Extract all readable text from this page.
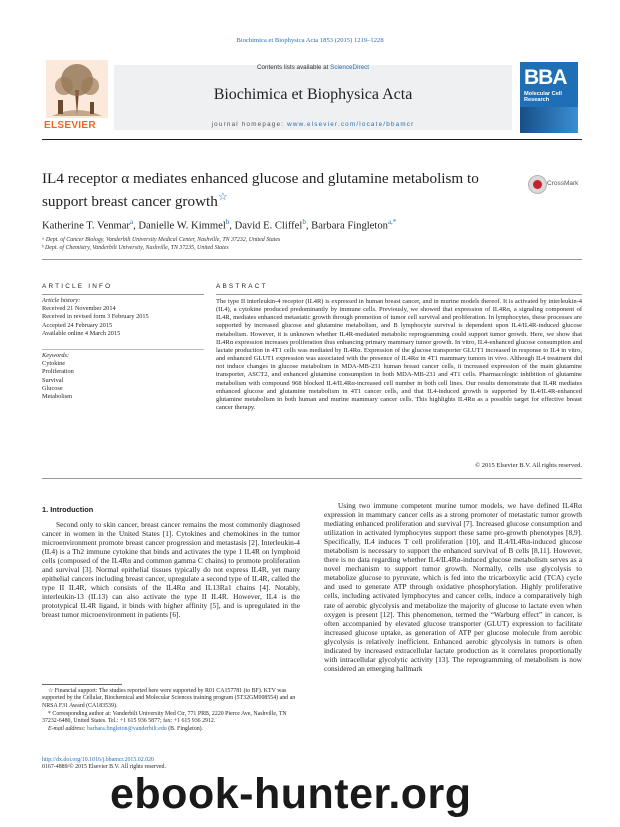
Biochimica et Biophysica Acta 1853 (2015) 1219–1228
ELSEVIER
Contents lists available at ScienceDirect
Biochimica et Biophysica Acta
journal homepage: www.elsevier.com/locate/bbamcr
BBA
Molecular Cell Research
IL4 receptor α mediates enhanced glucose and glutamine metabolism to support breast cancer growth☆
CrossMark
Katherine T. Venmar$^a$, Danielle W. Kimmel$^b$, David E. Cliffel$^b$, Barbara Fingleton$^{a,*}$
ᵃ Dept. of Cancer Biology, Vanderbilt University Medical Center, Nashville, TN 37232, United States
ᵇ Dept. of Chemistry, Vanderbilt University, Nashville, TN 37235, United States
ARTICLE INFO	ABSTRACT
Article history:
Received 21 November 2014
Received in revised form 3 February 2015
Accepted 24 February 2015
Available online 4 March 2015
Keywords:
Cytokine
Proliferation
Survival
Glucose
Metabolism
The type II interleukin-4 receptor (IL4R) is expressed in human breast cancer, and in murine models thereof. It is activated by interleukin-4 (IL4), a cytokine produced predominantly by immune cells. Previously, we showed that expression of IL4Rα, a signaling component of IL4R, mediates enhanced metastatic growth through promotion of tumor cell survival and proliferation. In lymphocytes, these processes are supported by increased glucose and glutamine metabolism, and B lymphocyte survival is dependent upon IL4/IL4R-induced glucose metabolism. However, it is unknown whether IL4R-mediated metabolic reprogramming could support tumor growth. Here, we show that IL4Rα expression increases proliferation thus enhancing primary mammary tumor growth. In vitro, IL4-enhanced glucose consumption and lactate production in 4T1 cells was mediated by IL4Rα. Expression of the glucose transporter GLUT1 increased in response to IL4 in vitro, and enhanced GLUT1 expression was associated with the presence of IL4Rα in 4T1 mammary tumors in vivo. Although IL4 treatment did not induce changes in glucose metabolism in MDA-MB-231 human breast cancer cells, it increased expression of the main glutamine transporter, ASCT2, and enhanced glutamine consumption in both MDA-MB-231 and 4T1 cells. Pharmacologic inhibition of glutamine metabolism with compound 968 blocked IL4/IL4Rα-increased cell number in both cell lines. Our results demonstrate that IL4R mediates enhanced glucose and glutamine metabolism in 4T1 cancer cells, and that IL4-induced growth is supported by IL4/IL4R-enhanced glutamine metabolism in both human and murine mammary cancer cells. This highlights IL4Rα as a possible target for effective breast cancer therapy.
© 2015 Elsevier B.V. All rights reserved.
1. Introduction

Second only to skin cancer, breast cancer remains the most commonly diagnosed cancer in women in the United States [1]. Cytokines and chemokines in the tumor microenvironment promote breast cancer progression and metastasis [2]. Interleukin-4 (IL4) is a Th2 immune cytokine that binds and activates the type 1 IL4R on lymphoid cells (composed of the IL4Rα and common gamma C chains) to promote proliferation and survival [3]. Normal epithelial tissues typically do not express IL4R, yet many epithelial cancers including breast cancer, upregulate a second type of IL4R, called the type II IL4R, which consists of the IL4Rα and IL13Ra1 chains [4]. Notably, interleukin-13 (IL13) can also activate the type II IL4R. However, IL4 is the prototypical IL4R ligand, it binds with higher affinity [5], and is upregulated in the breast tumor microenvironment in patients [6].

Using two immune competent murine tumor models, we have defined IL4Rα expression in mammary cancer cells as a strong promoter of metastatic tumor growth mediating enhanced proliferation and survival [7]. Increased glucose consumption and utilization in activated lymphocytes support these same pro-growth phenotypes [8,9]. Specifically, IL4 induces T cell proliferation [10], and IL4/IL4Rα-induced glucose metabolism is necessary to support the enhanced survival of B cells [8,11]. However, there is no data regarding whether IL4/IL4Rα-induced glucose metabolism serves as a novel mechanism to support tumor growth. Normally, cells use glycolysis to metabolize glucose to pyruvate, which is fed into the tricarboxylic acid (TCA) cycle and used to generate ATP through oxidative phosphorylation. Highly proliferative cells, including activated lymphocytes and cancer cells, induce a comparatively high rate of aerobic glycolysis and metabolize the majority of glucose to lactate even when oxygen is present [12]. This phenomenon, termed the “Warburg effect” in cancer, is often accompanied by elevated glucose transporter (GLUT) expression to facilitate increased glucose uptake, as generation of ATP per glucose molecule from aerobic glycolysis is relatively inefficient. Enhanced aerobic glycolysis in tumors is often indicated by increased extracellular lactate production as it correlates proportionally with intracellular glycolytic activity [13]. The reprogramming of metabolism is now considered an emerging hallmark

☆ Financial support: The studies reported here were supported by R01 CA157781 (to BF). KTV was supported by the Cellular, Biochemical and Molecular Sciences training program (5T32GM008554) and an NRSA F31 Award (CA183539).

* Corresponding author at: Vanderbilt University Med Ctr, 771 PRB, 2220 Pierce Ave, Nashville, TN 37232-6480, United States. Tel.: +1 615 936 5877; fax: +1 615 936 2912.

E-mail address: barbara.fingleton@vanderbilt.edu (B. Fingleton).

http://dx.doi.org/10.1016/j.bbamcr.2015.02.020
0167-4889/© 2015 Elsevier B.V. All rights reserved.
ebook-hunter.org
